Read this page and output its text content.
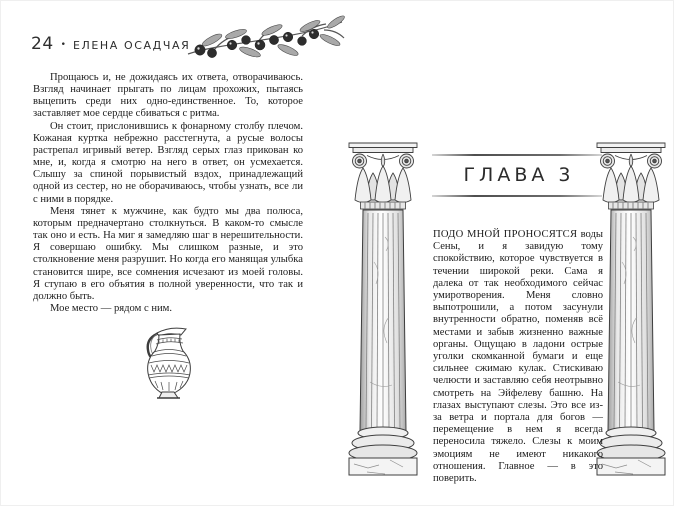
24 • ЕЛЕНА ОСАДЧАЯ

Прощаюсь и, не дожидаясь их ответа, отворачиваюсь. Взгляд начинает прыгать по лицам прохожих, пытаясь выцепить среди них одно-единственное. То, которое заставляет мое сердце сбиваться с ритма.

Он стоит, прислонившись к фонарному столбу плечом. Кожаная куртка небрежно расстегнута, а русые волосы растрепал игривый ветер. Взгляд серых глаз прикован ко мне, и, когда я смотрю на него в ответ, он усмехается. Слышу за спиной порывистый вздох, принадлежащий одной из сестер, но не оборачиваюсь, чтобы узнать, все ли с ними в порядке.

Меня тянет к мужчине, как будто мы два полюса, которым предначертано столкнуться. В каком-то смысле так оно и есть. На миг я замедляю шаг в нерешительности. Я совершаю ошибку. Мы слишком разные, и это столкновение меня разрушит. Но когда его манящая улыбка становится шире, все сомнения исчезают из моей головы. Я ступаю в его объятия в полной уверенности, что так и должно быть.

Мое место — рядом с ним.

ГЛАВА 3

ПОДО МНОЙ ПРОНОСЯТСЯ воды Сены, и я завидую тому спокойствию, которое чувствуется в течении широкой реки. Сама я далека от так необходимого сейчас умиротворения. Меня словно выпотрошили, а потом засунули внутренности обратно, поменяв всё местами и забыв жизненно важные органы. Ощущаю в ладони острые уголки скомканной бумаги и еще сильнее сжимаю кулак. Стискиваю челюсти и заставляю себя неотрывно смотреть на Эйфелеву башню. На глазах выступают слезы. Это все из-за ветра и портала для богов — перемещение в нем я всегда переносила тяжело. Слезы к моим эмоциям не имеют никакого отношения. Главное — в это поверить.
